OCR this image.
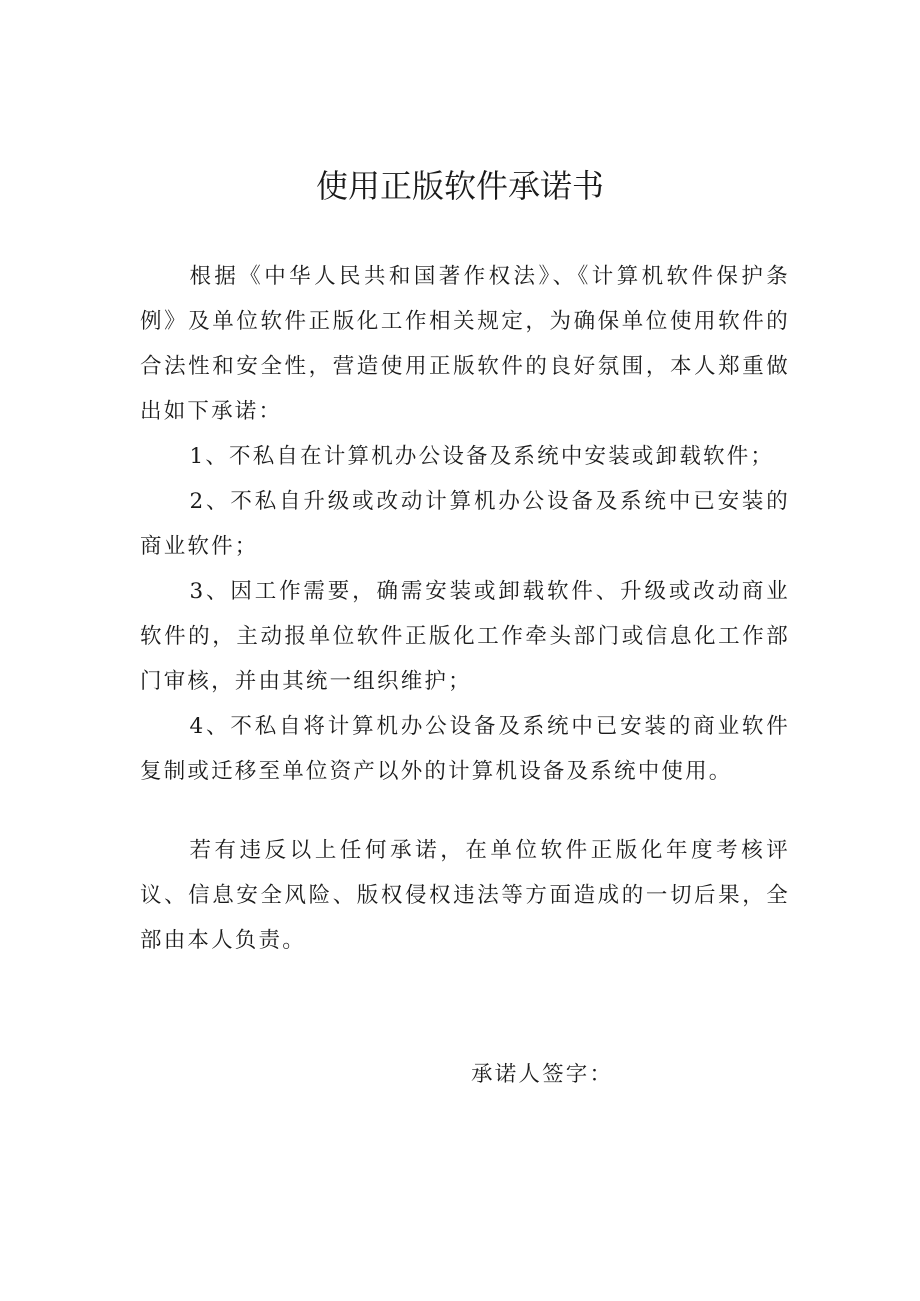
使用正版软件承诺书

根据《中华人民共和国著作权法》、《计算机软件保护条例》及单位软件正版化工作相关规定，为确保单位使用软件的合法性和安全性，营造使用正版软件的良好氛围，本人郑重做出如下承诺：

1、不私自在计算机办公设备及系统中安装或卸载软件；

2、不私自升级或改动计算机办公设备及系统中已安装的商业软件；

3、因工作需要，确需安装或卸载软件、升级或改动商业软件的，主动报单位软件正版化工作牵头部门或信息化工作部门审核，并由其统一组织维护；

4、不私自将计算机办公设备及系统中已安装的商业软件复制或迁移至单位资产以外的计算机设备及系统中使用。

若有违反以上任何承诺，在单位软件正版化年度考核评议、信息安全风险、版权侵权违法等方面造成的一切后果，全部由本人负责。

承诺人签字：
